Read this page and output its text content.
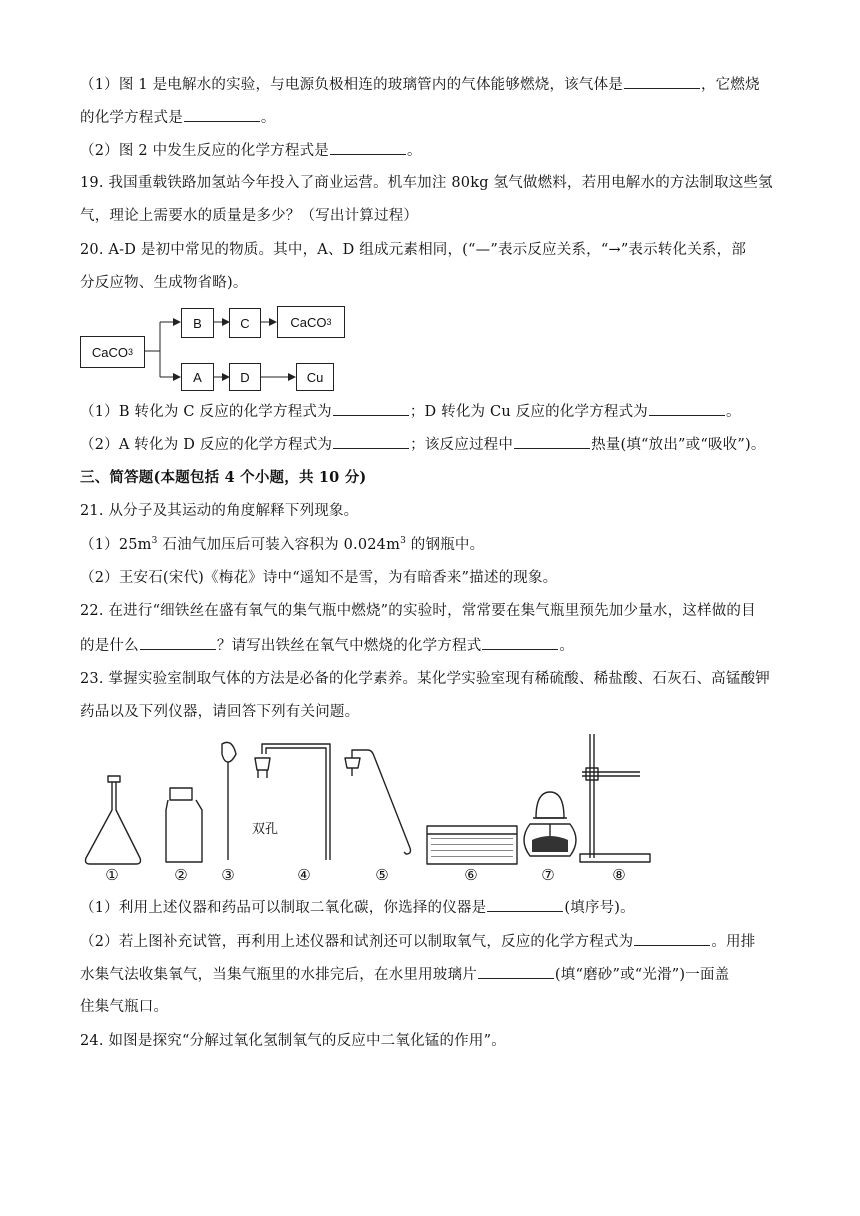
（1）图 1 是电解水的实验，与电源负极相连的玻璃管内的气体能够燃烧，该气体是	，它燃烧
的化学方程式是	。
（2）图 2 中发生反应的化学方程式是	。
19. 我国重载铁路加氢站今年投入了商业运营。机车加注 80kg 氢气做燃料，若用电解水的方法制取这些氢
气，理论上需要水的质量是多少？（写出计算过程）
20. A-D 是初中常见的物质。其中，A、D 组成元素相同，(“—”表示反应关系，“→”表示转化关系，部
分反应物、生成物省略)。
CaCO 3
B	C	CaCO 3
A	D	Cu
（1）B 转化为 C 反应的化学方程式为	；D 转化为 Cu 反应的化学方程式为	。
（2）A 转化为 D 反应的化学方程式为	；该反应过程中	热量(填“放出”或“吸收”)。
三、简答题(本题包括 4 个小题，共 10 分)
21. 从分子及其运动的角度解释下列现象。
$(1)25m^3$ 石油气加压后可装入容积为 $0.024m^3$ 的钢瓶中。
（2）王安石(宋代)《梅花》诗中“遥知不是雪，为有暗香来”描述的现象。
22. 在进行“细铁丝在盛有氧气的集气瓶中燃烧”的实验时，常常要在集气瓶里预先加少量水，这样做的目
的是什么	？请写出铁丝在氧气中燃烧的化学方程式	。
23. 掌握实验室制取气体的方法是必备的化学素养。某化学实验室现有稀硫酸、稀盐酸、石灰石、高锰酸钾
药品以及下列仪器，请回答下列有关问题。
双孔
①	②	③	④	⑤	⑥	⑦	⑧
（1）利用上述仪器和药品可以制取二氧化碳，你选择的仪器是	(填序号)。
（2）若上图补充试管，再利用上述仪器和试剂还可以制取氧气，反应的化学方程式为	。用排
水集气法收集氧气，当集气瓶里的水排完后，在水里用玻璃片	(填“磨砂”或“光滑”)一面盖
住集气瓶口。
24. 如图是探究“分解过氧化氢制氧气的反应中二氧化锰的作用”。
